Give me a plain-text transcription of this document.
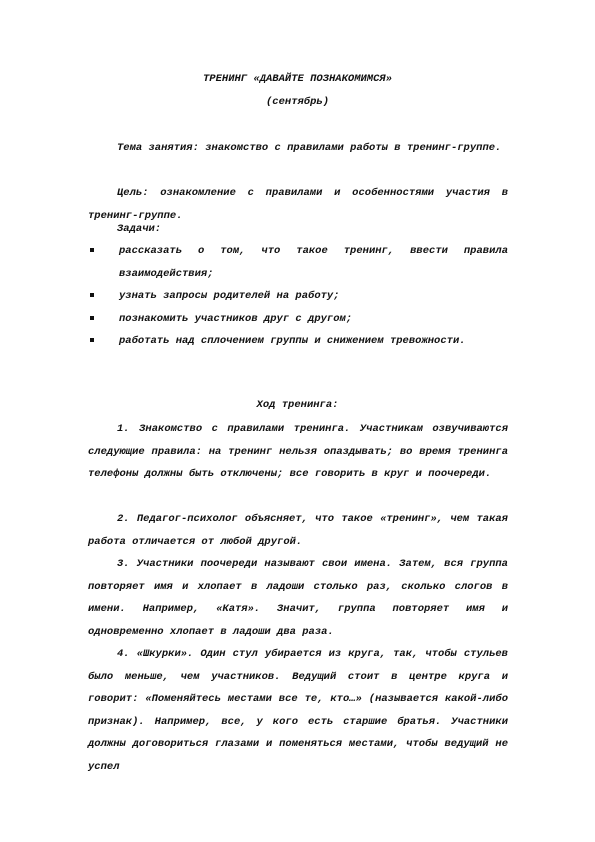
ТРЕНИНГ «ДАВАЙТЕ ПОЗНАКОМИМСЯ»

(сентябрь)

Тема занятия: знакомство с правилами работы в тренинг-группе.

Цель: ознакомление с правилами и особенностями участия в тренинг-группе.

Задачи:

рассказать о том, что такое тренинг, ввести правила взаимодействия;
узнать запросы родителей на работу;
познакомить участников друг с другом;
работать над сплочением группы и снижением тревожности.

Ход тренинга:

1. Знакомство с правилами тренинга. Участникам озвучиваются следующие правила: на тренинг нельзя опаздывать; во время тренинга телефоны должны быть отключены; все говорить в круг и поочереди.

2. Педагог-психолог объясняет, что такое «тренинг», чем такая работа отличается от любой другой.

3. Участники поочереди называют свои имена. Затем, вся группа повторяет имя и хлопает в ладоши столько раз, сколько слогов в имени. Например, «Катя». Значит, группа повторяет имя и одновременно хлопает в ладоши два раза.

4. «Шкурки». Один стул убирается из круга, так, чтобы стульев было меньше, чем участников. Ведущий стоит в центре круга и говорит: «Поменяйтесь местами все те, кто…» (называется какой-либо признак). Например, все, у кого есть старшие братья. Участники должны договориться глазами и поменяться местами, чтобы ведущий не успел
